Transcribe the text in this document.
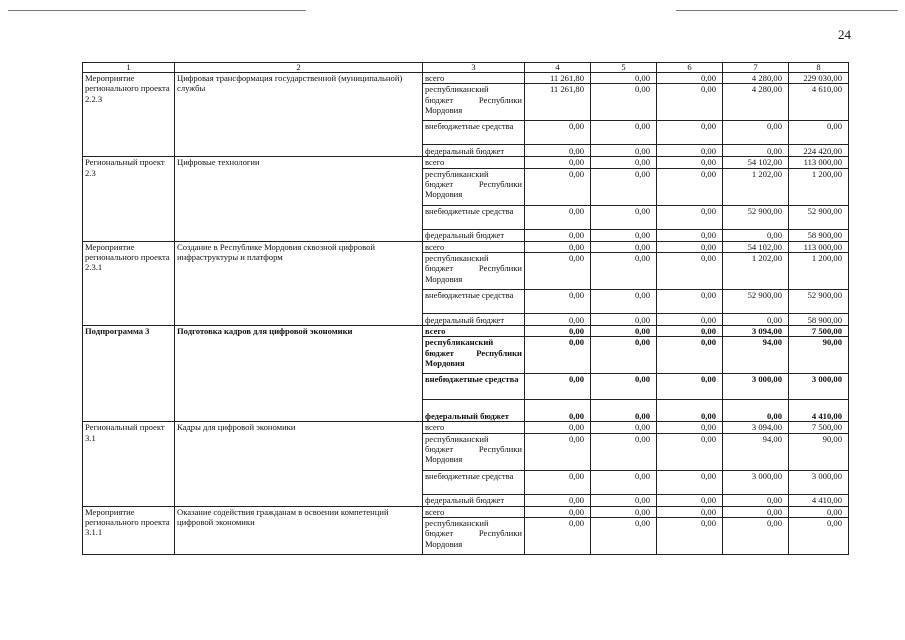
24
1	2	3	4	5	6	7	8
Мероприятие регионального проекта 2.2.3	Цифровая трансформация государственной (муниципальной) службы	всего	11 261,80	0,00	0,00	4 280,00	229 030,00

		республиканский
бюджет Республики
Мордовия	11 261,80	0,00	0,00	4 280,00	4 610,00
		внебюджетные средства	0,00	0,00	0,00	0,00	0,00
		федеральный бюджет	0,00	0,00	0,00	0,00	224 420,00
Региональный проект 2.3	Цифровые технологии	всего	0,00	0,00	0,00	54 102,00	113 000,00

		республиканский
бюджет Республики
Мордовия	0,00	0,00	0,00	1 202,00	1 200,00
		внебюджетные средства	0,00	0,00	0,00	52 900,00	52 900,00
		федеральный бюджет	0,00	0,00	0,00	0,00	58 900,00
Мероприятие регионального проекта 2.3.1	Создание в Республике Мордовия сквозной цифровой инфраструктуры и платформ	всего	0,00	0,00	0,00	54 102,00	113 000,00

		республиканский
бюджет Республики
Мордовия	0,00	0,00	0,00	1 202,00	1 200,00
		внебюджетные средства	0,00	0,00	0,00	52 900,00	52 900,00
		федеральный бюджет	0,00	0,00	0,00	0,00	58 900,00
Подпрограмма 3	Подготовка кадров для цифровой экономики	всего	0,00	0,00	0,00	3 094,00	7 500,00

		республиканский
бюджет Республики
Мордовия	0,00	0,00	0,00	94,00	90,00
		внебюджетные средства	0,00	0,00	0,00	3 000,00	3 000,00
		федеральный бюджет	0,00	0,00	0,00	0,00	4 410,00
Региональный проект 3.1	Кадры для цифровой экономики	всего	0,00	0,00	0,00	3 094,00	7 500,00

		республиканский
бюджет Республики
Мордовия	0,00	0,00	0,00	94,00	90,00
		внебюджетные средства	0,00	0,00	0,00	3 000,00	3 000,00
		федеральный бюджет	0,00	0,00	0,00	0,00	4 410,00
Мероприятие регионального проекта 3.1.1	Оказание содействия гражданам в освоении компетенций цифровой экономики	всего	0,00	0,00	0,00	0,00	0,00

		республиканский
бюджет Республики
Мордовия	0,00	0,00	0,00	0,00	0,00
